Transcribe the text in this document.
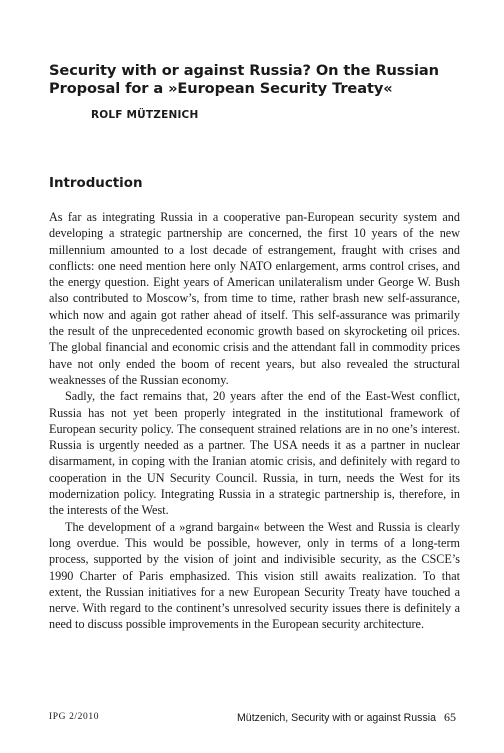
Security with or against Russia? On the Russian Proposal for a »European Security Treaty«

ROLF MÜTZENICH

Introduction

As far as integrating Russia in a cooperative pan-European security system and developing a strategic partnership are concerned, the first 10 years of the new millennium amounted to a lost decade of estrangement, fraught with crises and conflicts: one need mention here only NATO enlargement, arms control crises, and the energy question. Eight years of American unilateralism under George W. Bush also contributed to Moscow’s, from time to time, rather brash new self-assurance, which now and again got rather ahead of itself. This self-assurance was primarily the result of the unprecedented economic growth based on skyrocketing oil prices. The global financial and economic crisis and the attendant fall in commodity prices have not only ended the boom of recent years, but also revealed the structural weaknesses of the Russian economy.

Sadly, the fact remains that, 20 years after the end of the East-West conflict, Russia has not yet been properly integrated in the institutional framework of European security policy. The consequent strained relations are in no one’s interest. Russia is urgently needed as a partner. The USA needs it as a partner in nuclear disarmament, in coping with the Iranian atomic crisis, and definitely with regard to cooperation in the UN Security Council. Russia, in turn, needs the West for its modernization policy. Integrating Russia in a strategic partnership is, therefore, in the interests of the West.

The development of a »grand bargain« between the West and Russia is clearly long overdue. This would be possible, however, only in terms of a long-term process, supported by the vision of joint and indivisible security, as the CSCE’s 1990 Charter of Paris emphasized. This vision still awaits realization. To that extent, the Russian initiatives for a new European Security Treaty have touched a nerve. With regard to the continent’s unresolved security issues there is definitely a need to discuss possible improvements in the European security architecture.

IPG 2/2010	Mützenich, Security with or against Russia 65
